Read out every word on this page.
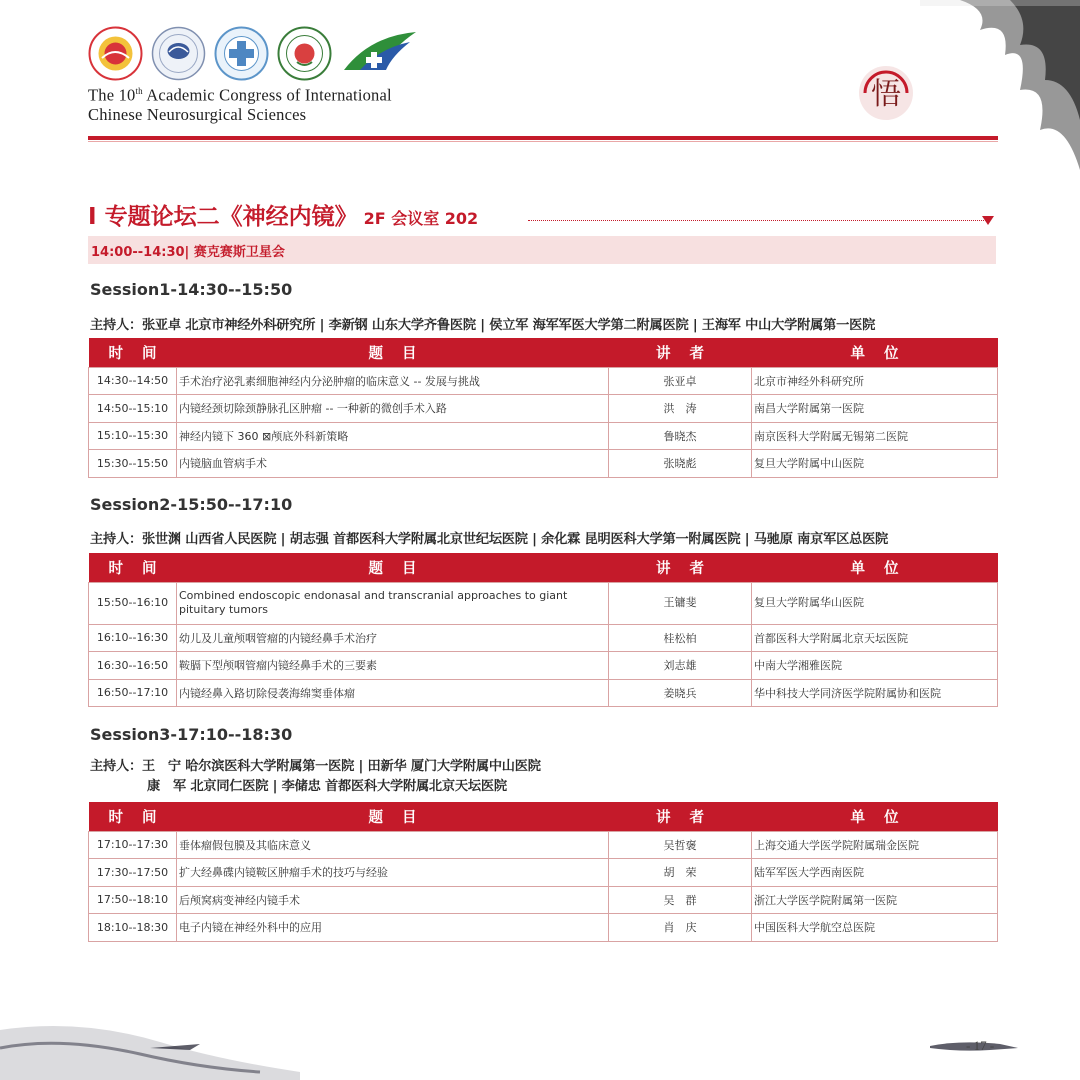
The 10th Academic Congress of International
Chinese Neurosurgical Sciences
悟
I 专题论坛二《神经内镜》 2F 会议室 202
14:00--14:30| 赛克赛斯卫星会
Session1-14:30--15:50
主持人：张亚卓 北京市神经外科研究所 | 李新钢 山东大学齐鲁医院 | 侯立军 海军军医大学第二附属医院 | 王海军 中山大学附属第一医院
时 间	题 目	讲 者	单 位
14:30--14:50	手术治疗泌乳素细胞神经内分泌肿瘤的临床意义 -- 发展与挑战	张亚卓	北京市神经外科研究所
14:50--15:10	内镜经颈切除颈静脉孔区肿瘤 -- 一种新的微创手术入路	洪　涛	南昌大学附属第一医院
15:10--15:30	神经内镜下 360 ⊠颅底外科新策略	鲁晓杰	南京医科大学附属无锡第二医院
15:30--15:50	内镜脑血管病手术	张晓彪	复旦大学附属中山医院
Session2-15:50--17:10
主持人：张世渊 山西省人民医院 | 胡志强 首都医科大学附属北京世纪坛医院 | 余化霖 昆明医科大学第一附属医院 | 马驰原 南京军区总医院
时 间	题 目	讲 者	单 位
15:50--16:10	Combined endoscopic endonasal and transcranial approaches to giant pituitary tumors	王镛斐	复旦大学附属华山医院
16:10--16:30	幼儿及儿童颅咽管瘤的内镜经鼻手术治疗	桂松柏	首都医科大学附属北京天坛医院
16:30--16:50	鞍膈下型颅咽管瘤内镜经鼻手术的三要素	刘志雄	中南大学湘雅医院
16:50--17:10	内镜经鼻入路切除侵袭海绵窦垂体瘤	姜晓兵	华中科技大学同济医学院附属协和医院
Session3-17:10--18:30
主持人：王　宁 哈尔滨医科大学附属第一医院 | 田新华 厦门大学附属中山医院
康　军 北京同仁医院 | 李储忠 首都医科大学附属北京天坛医院
时 间	题 目	讲 者	单 位
17:10--17:30	垂体瘤假包膜及其临床意义	吴哲褒	上海交通大学医学院附属瑞金医院
17:30--17:50	扩大经鼻碟内镜鞍区肿瘤手术的技巧与经验	胡　荣	陆军军医大学西南医院
17:50--18:10	后颅窝病变神经内镜手术	吴　群	浙江大学医学院附属第一医院
18:10--18:30	电子内镜在神经外科中的应用	肖　庆	中国医科大学航空总医院
- 17 -
